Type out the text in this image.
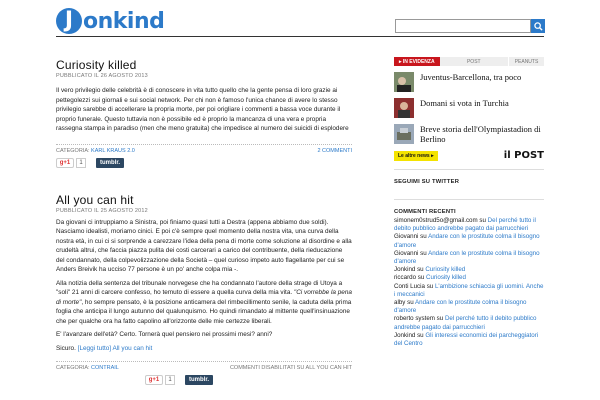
J onkind
Curiosity killed
PUBBLICATO IL 26 AGOSTO 2013

Il vero privilegio delle celebrità è di conoscere in vita tutto quello che la gente pensa di loro grazie ai pettegolezzi sui giornali e sui social network. Per chi non è famoso l'unica chance di avere lo stesso privilegio sarebbe di accellerare la propria morte, per poi origliare i commenti a bassa voce durante il proprio funerale. Questo tuttavia non è possibile ed è proprio la mancanza di una vera e propria rassegna stampa in paradiso (men che meno gratuita) che impedisce al numero dei suicidi di esplodere

CATEGORIA: KARL KRAUS 2.0	2 COMMENTI
g+1	1	tumblr.
All you can hit
PUBBLICATO IL 25 AGOSTO 2012

Da giovani ci intruppiamo a Sinistra, poi finiamo quasi tutti a Destra (appena abbiamo due soldi). Nasciamo idealisti, moriamo cinici. E poi c'è sempre quel momento della nostra vita, una curva della nostra età, in cui ci si sorprende a carezzare l'idea della pena di morte come soluzione al disordine e alla crudeltà altrui, che faccia piazza pulita dei costi carcerari a carico del contribuente, della rieducazione del condannato, della colpevolizzazione della Società – quel curioso impeto auto flagellante per cui se Anders Breivik ha ucciso 77 persone è un po' anche colpa mia -.

Alla notizia della sentenza del tribunale norvegese che ha condannato l'autore della strage di Utoya a "soli" 21 anni di carcere confesso, ho temuto di essere a quella curva della mia vita. "Ci vorrebbe la pena di morte", ho sempre pensato, è la posizione anticamera del rimbecillimento senile, la caduta della prima foglia che anticipa il lungo autunno del qualunquismo. Ho quindi rimandato al mittente quell'insinuazione che per qualche ora ha fatto capolino all'orizzonte delle mie certezze liberali.

E' l'avanzare dell'età? Certo. Tornerà quel pensiero nei prossimi mesi? anni?

Sicuro. [Leggi tutto] All you can hit

CATEGORIA: CONTRAIL	COMMENTI DISABILITATI SU ALL YOU CAN HIT
g+1	1	tumblr.
▸ IN EVIDENZA	POST	PEANUTS
Juventus-Barcellona, tra poco
Domani si vota in Turchia
Breve storia dell'Olympiastadion di Berlino
Le altre news ▸	il POST
SEGUIMI SU TWITTER
COMMENTI RECENTI
simonem0strud5o@gmail.com su Del perché tutto il debito pubblico andrebbe pagato dai parrucchieri
Giovanni su Andare con le prostitute colma il bisogno d'amore
Giovanni su Andare con le prostitute colma il bisogno d'amore
Jonkind su Curiosity killed
riccardo su Curiosity killed
Conti Lucia su L'ambizione schiaccia gli uomini. Anche i meccanici
alby su Andare con le prostitute colma il bisogno d'amore
roberto system su Del perché tutto il debito pubblico andrebbe pagato dai parrucchieri
Jonkind su Gli interessi economici dei parcheggiatori del Centro
